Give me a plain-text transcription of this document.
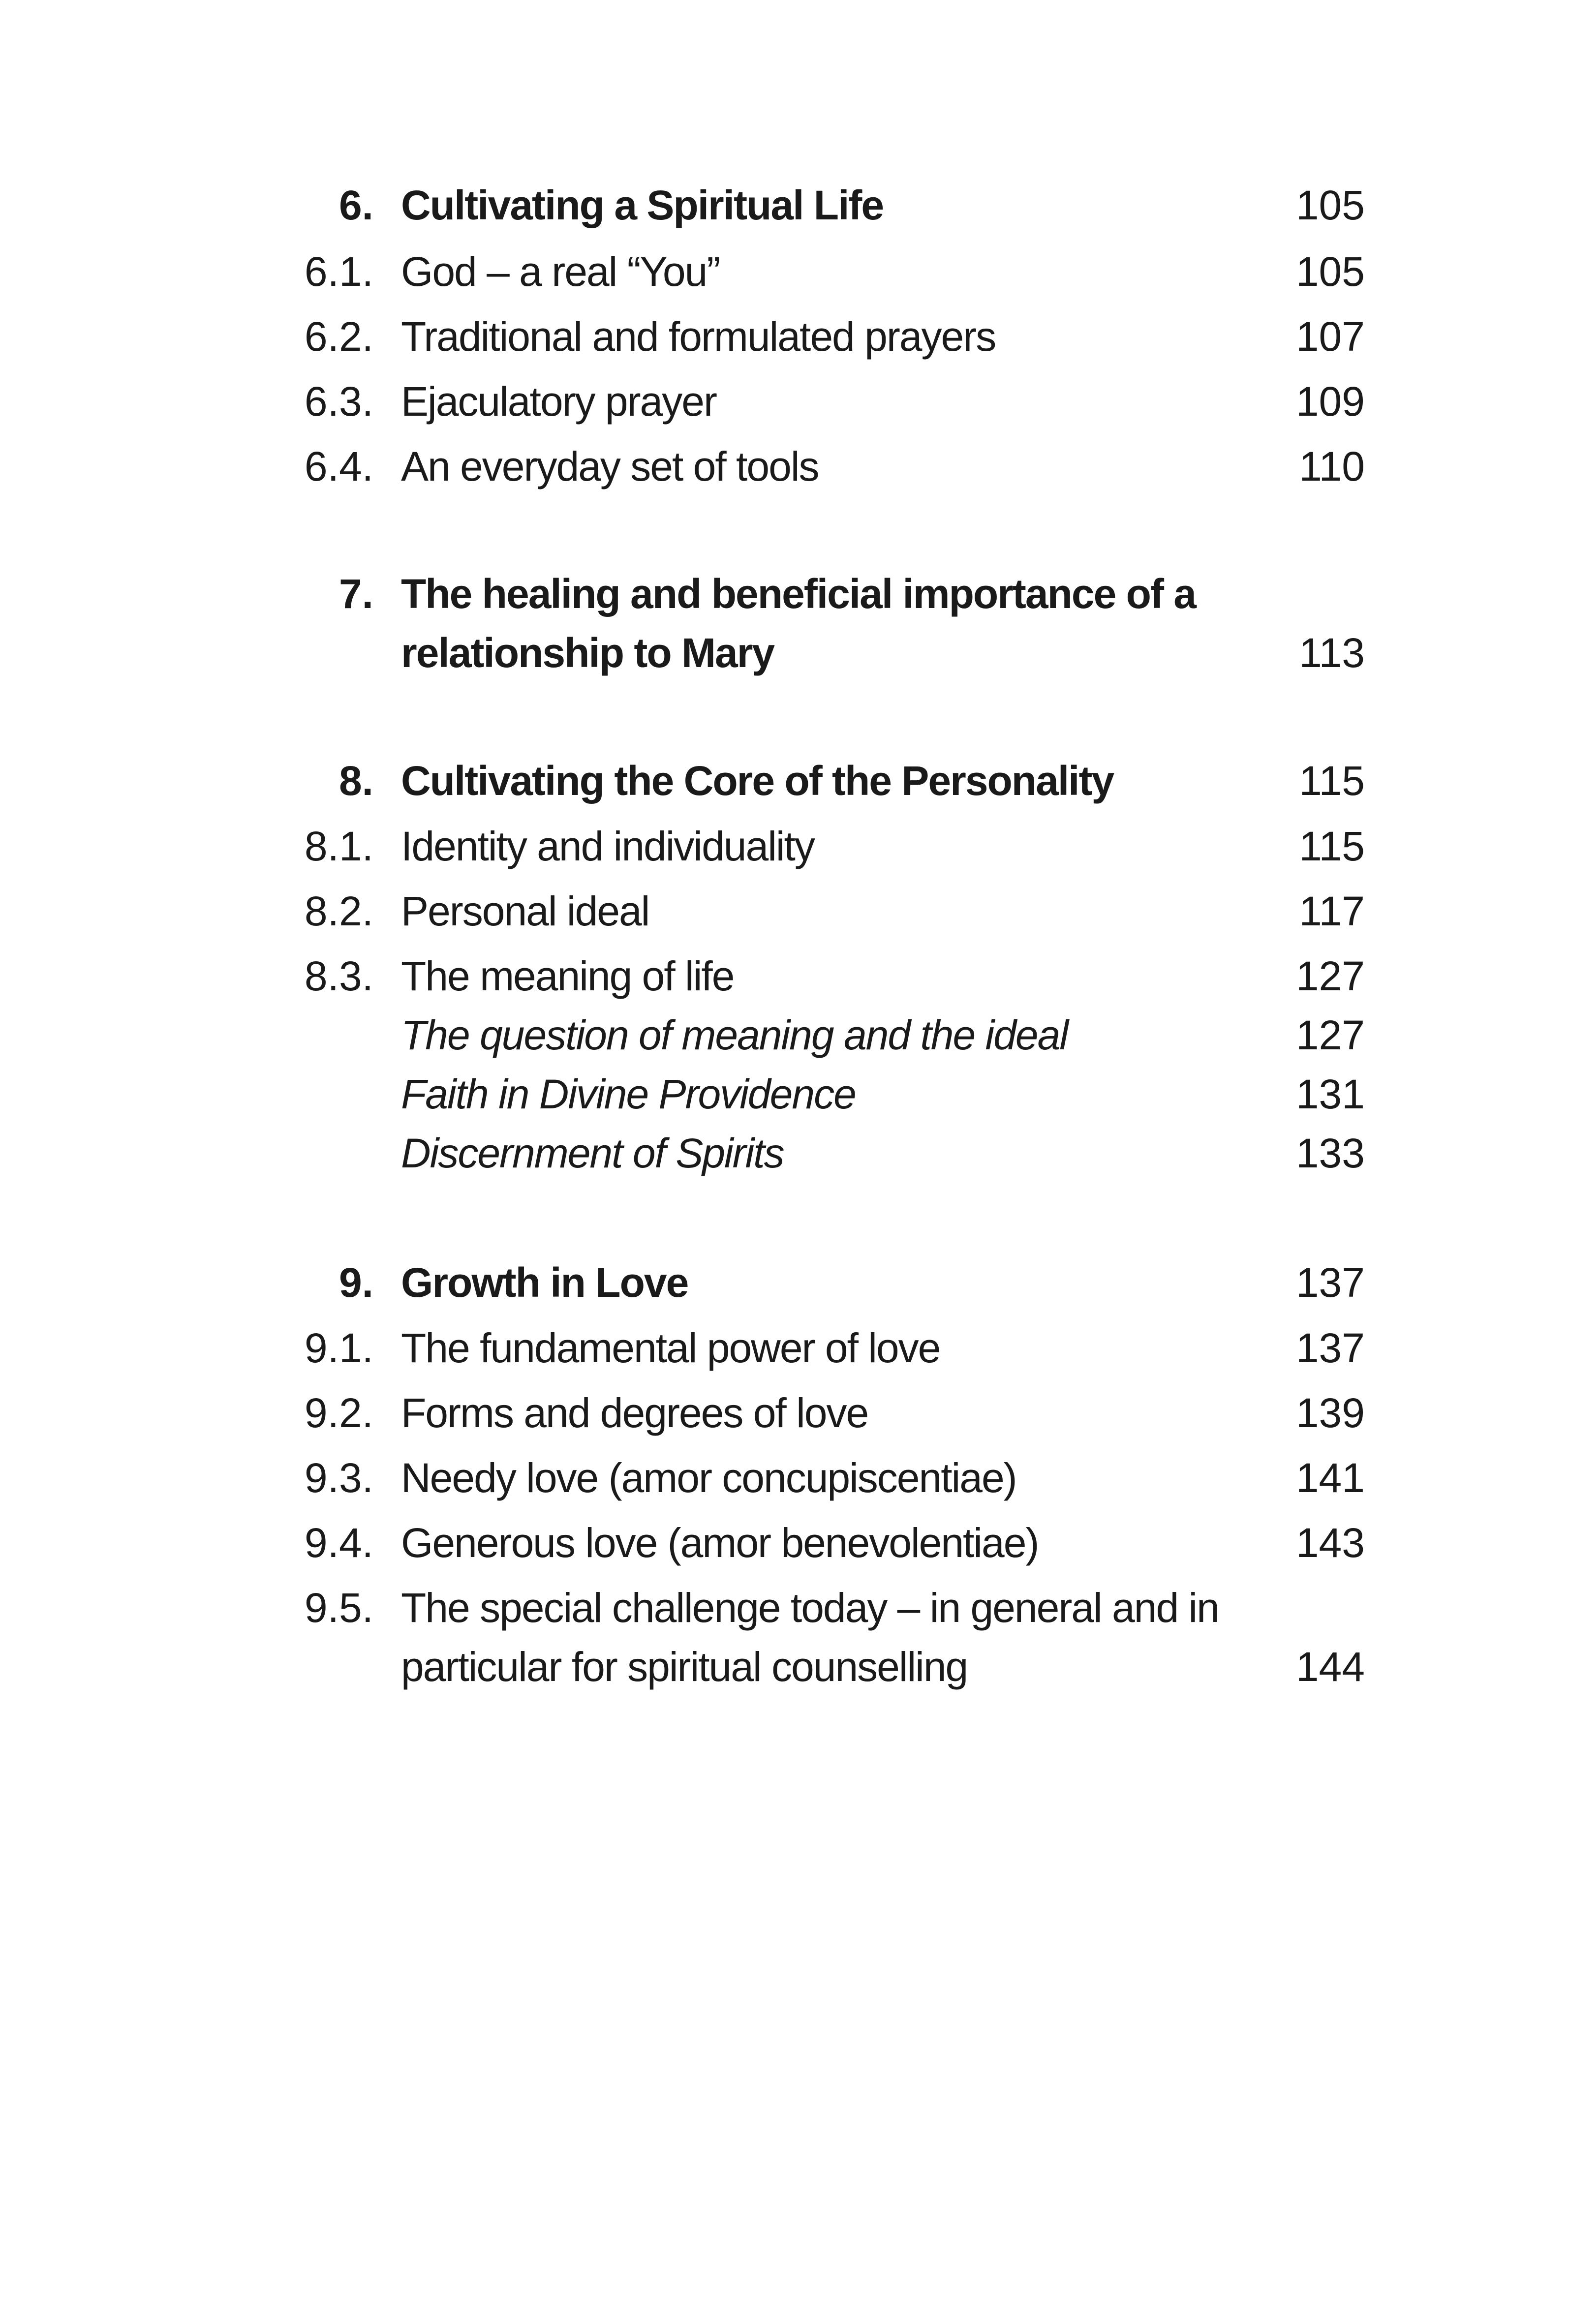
6. Cultivating a Spiritual Life	105
6.1. God – a real “You”	105
6.2. Traditional and formulated prayers	107
6.3. Ejaculatory prayer	109
6.4. An everyday set of tools	110
7. The healing and beneficial importance of a
relationship to Mary	113
8. Cultivating the Core of the Personality	115
8.1. Identity and individuality	115
8.2. Personal ideal	117
8.3. The meaning of life	127
The question of meaning and the ideal	127
Faith in Divine Providence	131
Discernment of Spirits	133
9. Growth in Love	137
9.1. The fundamental power of love	137
9.2. Forms and degrees of love	139
9.3. Needy love (amor concupiscentiae)	141
9.4. Generous love (amor benevolentiae)	143
9.5. The special challenge today – in general and in
particular for spiritual counselling	144
